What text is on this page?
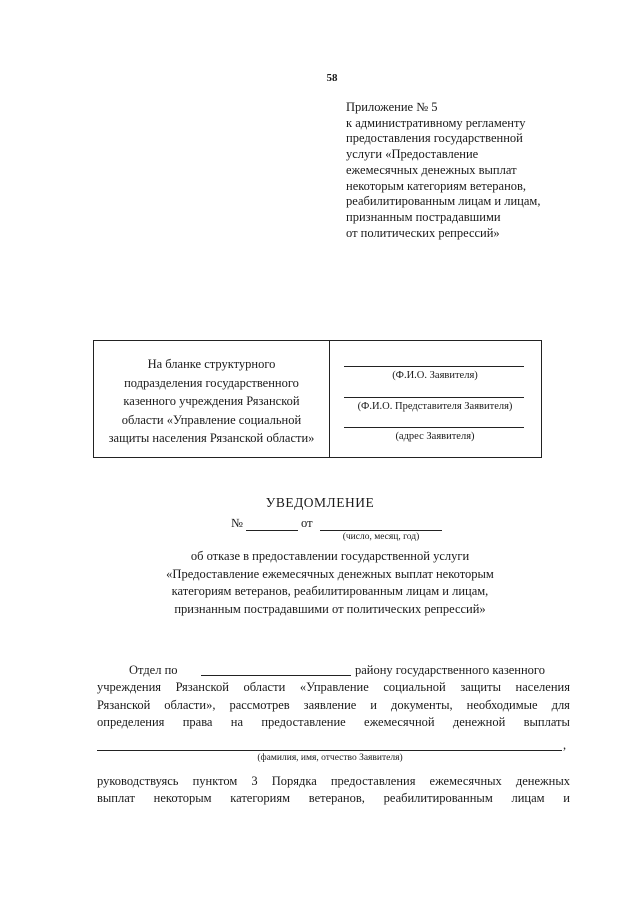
58
Приложение № 5
к административному регламенту
предоставления государственной
услуги «Предоставление
ежемесячных денежных выплат
некоторым категориям ветеранов,
реабилитированным лицам и лицам,
признанным пострадавшими
от политических репрессий»
На бланке структурного
подразделения государственного
казенного учреждения Рязанской
области «Управление социальной
защиты населения Рязанской области»
(Ф.И.О. Заявителя)
(Ф.И.О. Представителя Заявителя)
(адрес Заявителя)
УВЕДОМЛЕНИЕ
№	от
(число, месяц, год)
об отказе в предоставлении государственной услуги
«Предоставление ежемесячных денежных выплат некоторым
категориям ветеранов, реабилитированным лицам и лицам,
признанным пострадавшими от политических репрессий»
Отдел по	району государственного казенного
учреждения Рязанской области «Управление социальной защиты населения
Рязанской области», рассмотрев заявление и документы, необходимые для
определения права на предоставление ежемесячной денежной выплаты
,
(фамилия, имя, отчество Заявителя)
руководствуясь пунктом 3 Порядка предоставления ежемесячных денежных
выплат некоторым категориям ветеранов, реабилитированным лицам и
